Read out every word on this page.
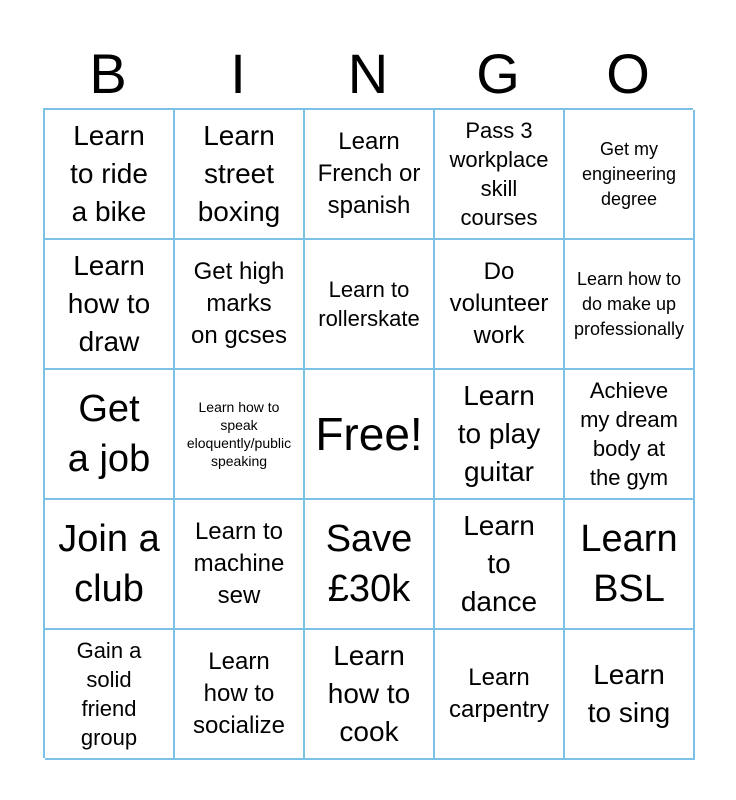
B	I	N	G	O
Learn
to ride
a bike
Learn
street
boxing
Learn
French or
spanish
Pass 3
workplace
skill
courses
Get my
engineering
degree
Learn
how to
draw
Get high
marks
on gcses
Learn to
rollerskate
Do
volunteer
work
Learn how to
do make up
professionally
Get
a job
Learn how to
speak
eloquently/public
speaking
Free!
Learn
to play
guitar
Achieve
my dream
body at
the gym
Join a
club
Learn to
machine
sew
Save
£30k
Learn
to
dance
Learn
BSL
Gain a
solid
friend
group
Learn
how to
socialize
Learn
how to
cook
Learn
carpentry
Learn
to sing
